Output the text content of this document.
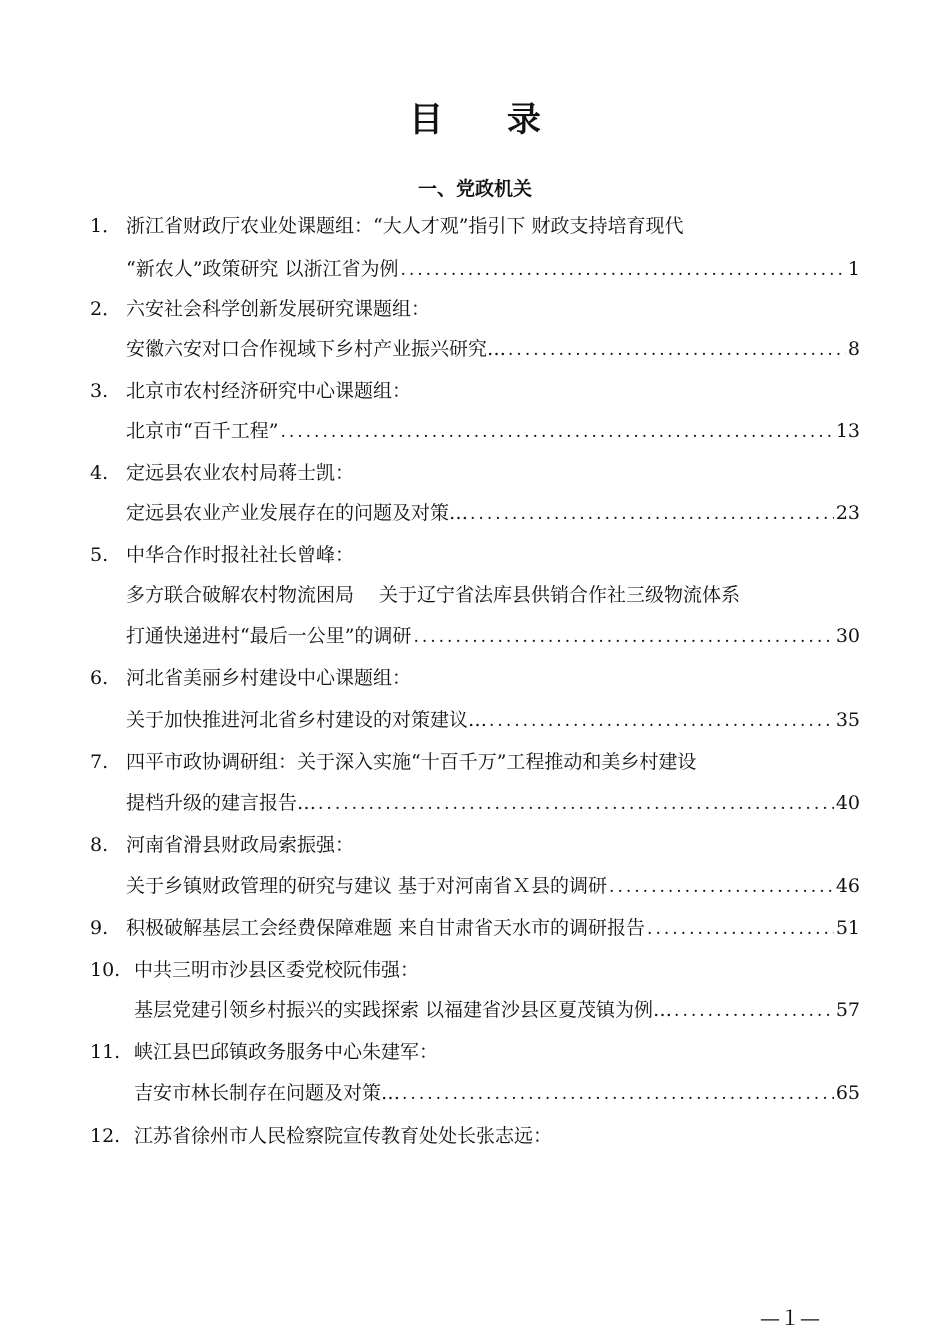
目 录
一、党政机关
1． 浙江省财政厅农业处课题组：“大人才观”指引下 财政支持培育现代
“新农人”政策研究 以浙江省为例 .....	1
2． 六安社会科学创新发展研究课题组：
安徽六安对口合作视域下乡村产业振兴研究… .....	8
3. 北京市农村经济研究中心课题组：
北京市“百千工程” .....	13
4. 定远县农业农村局蒋士凯：
定远县农业产业发展存在的问题及对策… .....	23
5. 中华合作时报社社长曾峰：
多方联合破解农村物流困局　 关于辽宁省法库县供销合作社三级物流体系
打通快递进村“最后一公里”的调研 .....	30
6. 河北省美丽乡村建设中心课题组：
关于加快推进河北省乡村建设的对策建议… .....	35
7. 四平市政协调研组：关于深入实施“十百千万”工程推动和美乡村建设
提档升级的建言报告… .....	40
8. 河南省滑县财政局索振强：
关于乡镇财政管理的研究与建议 基于对河南省Ｘ县的调研 .....	46
9. 积极破解基层工会经费保障难题 来自甘肃省天水市的调研报告 .....	51
10. 中共三明市沙县区委党校阮伟强：
基层党建引领乡村振兴的实践探索 以福建省沙县区夏茂镇为例… .....	57
11. 峡江县巴邱镇政务服务中心朱建军：
吉安市林长制存在问题及对策… .....	65
12. 江苏省徐州市人民检察院宣传教育处处长张志远：
—１—
